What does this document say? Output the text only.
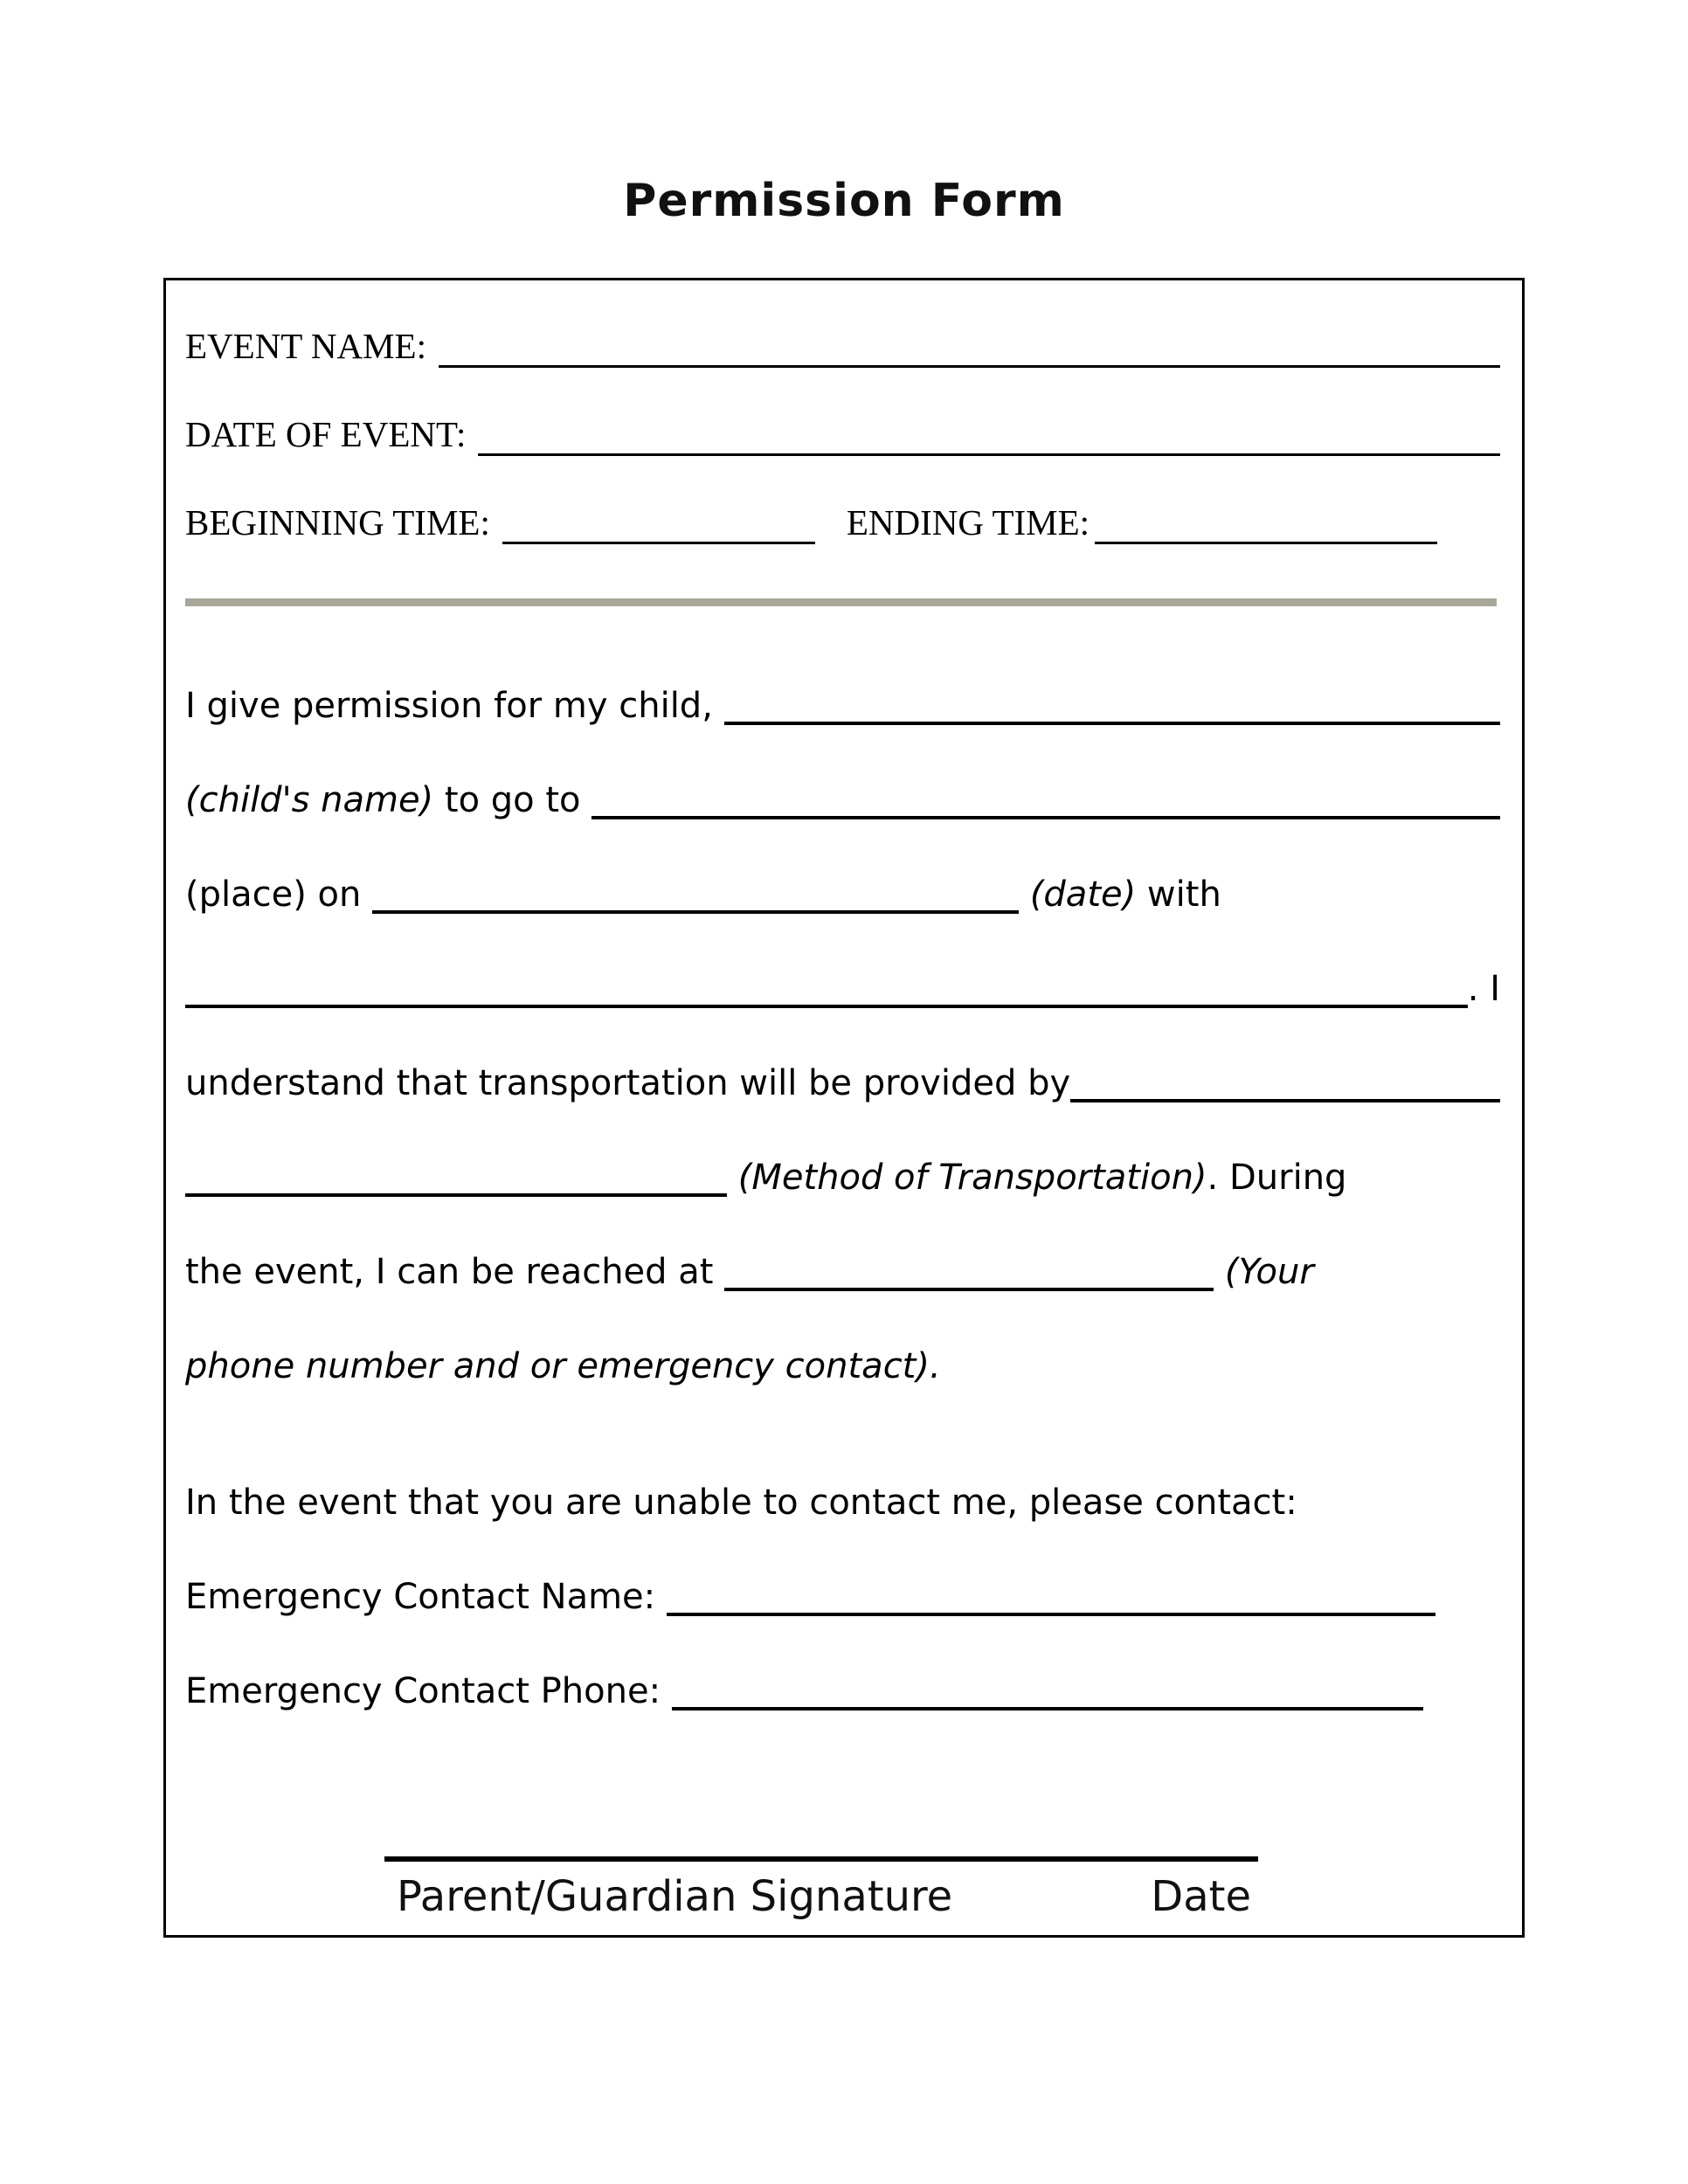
Permission Form
EVENT NAME:
DATE OF EVENT:
BEGINNING TIME:	ENDING TIME:
I give permission for my child,
(child's name) to go to
(place) on
	(date) with
. I
understand that transportation will be provided by

(Method of Transportation) . During
the event, I can be reached at
	(Your
phone number and or emergency contact).
In the event that you are unable to contact me, please contact:
Emergency Contact Name:
Emergency Contact Phone:
Parent/Guardian Signature	Date
